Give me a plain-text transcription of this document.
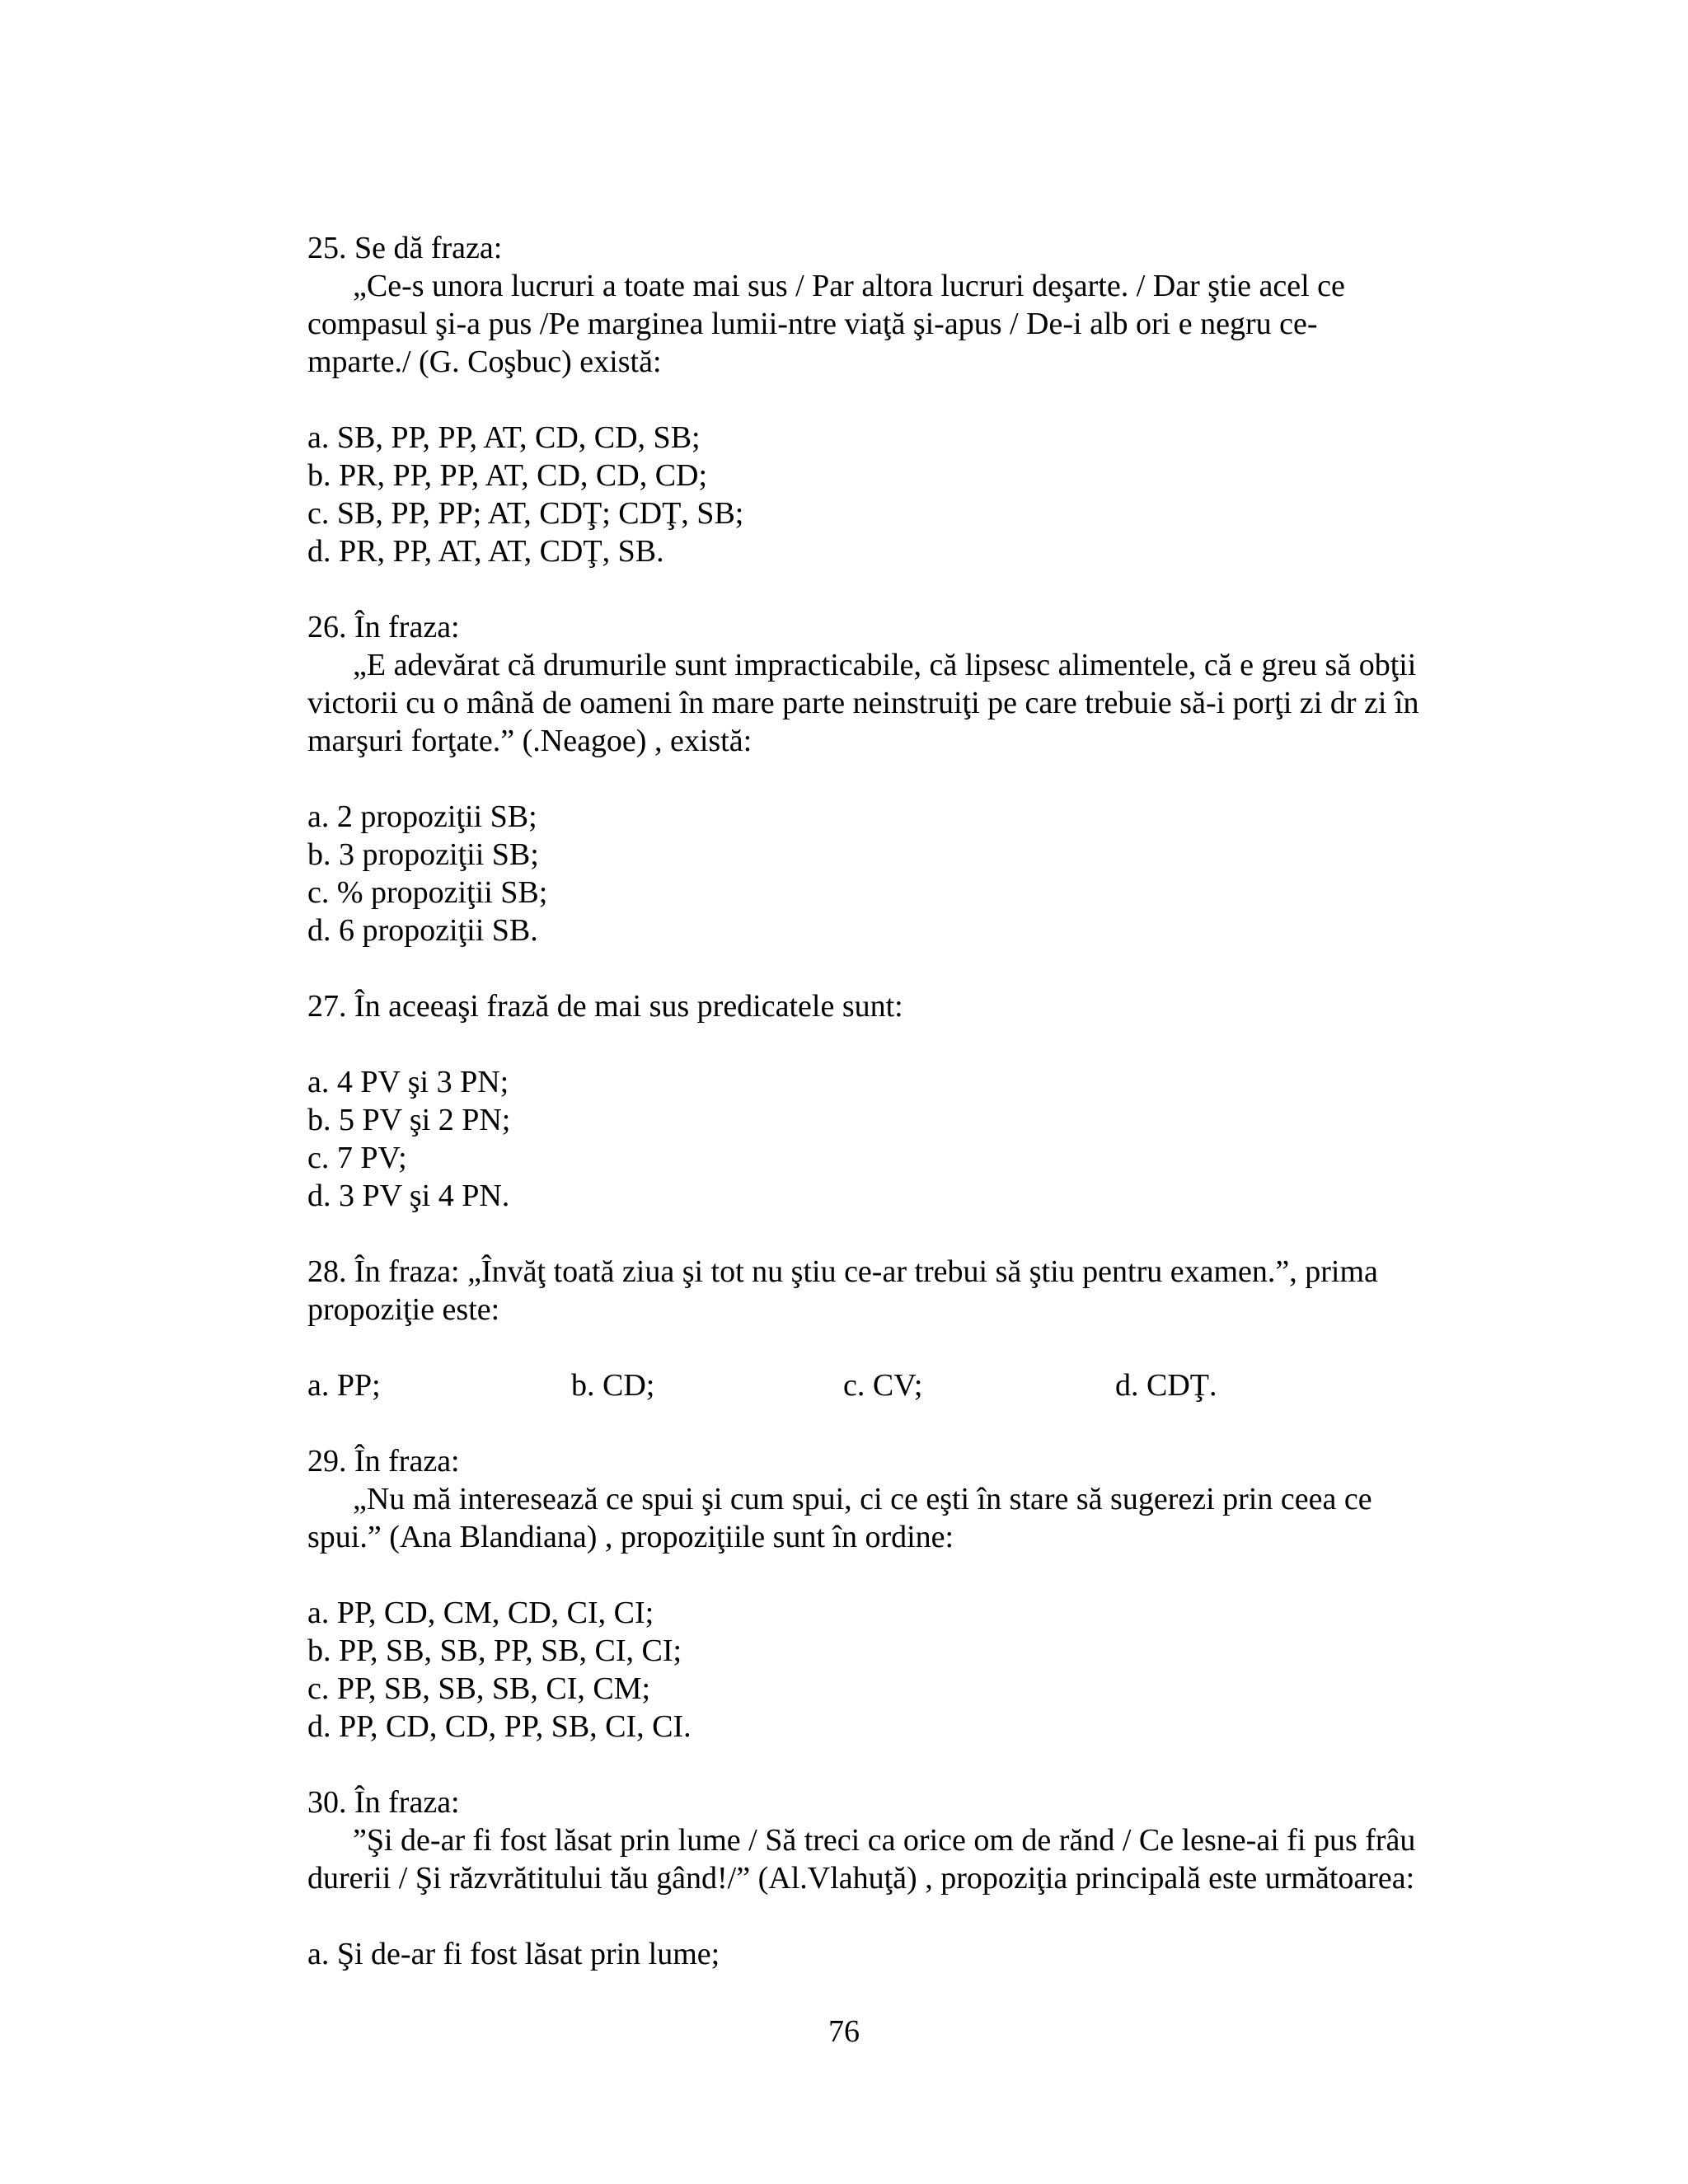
25. Se dă fraza:
„Ce-s unora lucruri a toate mai sus / Par altora lucruri deşarte. / Dar ştie acel ce
compasul şi-a pus /Pe marginea lumii-ntre viaţă şi-apus / De-i alb ori e negru ce-
mparte./ (G. Coşbuc) există:
a. SB, PP, PP, AT, CD, CD, SB;
b. PR, PP, PP, AT, CD, CD, CD;
c. SB, PP, PP; AT, CDŢ; CDŢ, SB;
d. PR, PP, AT, AT, CDŢ, SB.
26. În fraza:
„E adevărat că drumurile sunt impracticabile, că lipsesc alimentele, că e greu să obţii
victorii cu o mână de oameni în mare parte neinstruiţi pe care trebuie să-i porţi zi dr zi în
marşuri forţate.” (.Neagoe) , există:
a. 2 propoziţii SB;
b. 3 propoziţii SB;
c. % propoziţii SB;
d. 6 propoziţii SB.
27. În aceeaşi frază de mai sus predicatele sunt:
a. 4 PV şi 3 PN;
b. 5 PV şi 2 PN;
c. 7 PV;
d. 3 PV şi 4 PN.
28. În fraza: „Învăţ toată ziua şi tot nu ştiu ce-ar trebui să ştiu pentru examen.”, prima
propoziţie este:
a. PP;	b. CD;	c. CV;	d. CDŢ.
29. În fraza:
„Nu mă interesează ce spui şi cum spui, ci ce eşti în stare să sugerezi prin ceea ce
spui.” (Ana Blandiana) , propoziţiile sunt în ordine:
a. PP, CD, CM, CD, CI, CI;
b. PP, SB, SB, PP, SB, CI, CI;
c. PP, SB, SB, SB, CI, CM;
d. PP, CD, CD, PP, SB, CI, CI.
30. În fraza:
”Şi de-ar fi fost lăsat prin lume / Să treci ca orice om de rănd / Ce lesne-ai fi pus frâu
durerii / Şi răzvrătitului tău gând!/” (Al.Vlahuţă) , propoziţia principală este următoarea:
a. Şi de-ar fi fost lăsat prin lume;
76
